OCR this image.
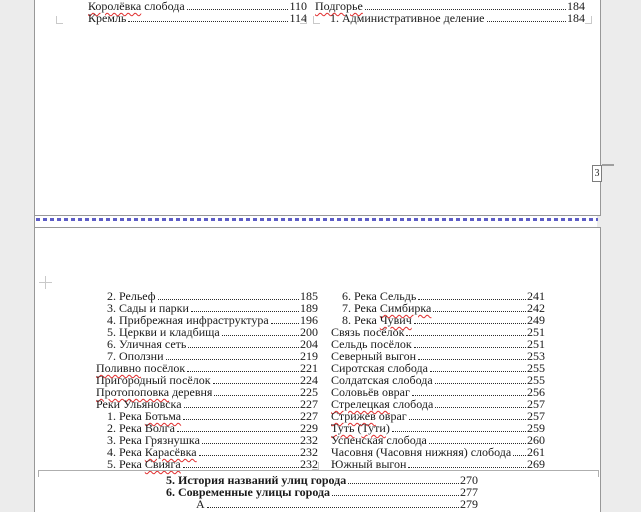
Королёвка слобода	110
Кремль	114
Подгорье	184
1. Административное деление	184
2. Рельеф	185
3. Сады и парки	189
4. Прибрежная инфраструктура	196
5. Церкви и кладбища	200
6. Уличная сеть	204
7. Оползни	219
Поливно посёлок	221
Пригородный посёлок	224
Протопоповка деревня	225
Реки Ульяновска	227
1. Река Ботьма	227
2. Река Волга	229
3. Река Грязнушка	232
4. Река Карасёвка	232
5. Река Свияга	232
6. Река Сельдь	241
7. Река Симбирка	242
8. Река Чувич	249
Связь посёлок	251
Сельдь посёлок	251
Северный выгон	253
Сиротская слобода	255
Солдатская слобода	255
Соловьёв овраг	256
Стрелецкая слобода	257
Стрижев овраг	257
Туть (Тути)	259
Успенская слобода	260
Часовня (Часовня нижняя) слобода 261
Южный выгон	269
5. История названий улиц города	270
6. Современные улицы города	277
А	279
3
